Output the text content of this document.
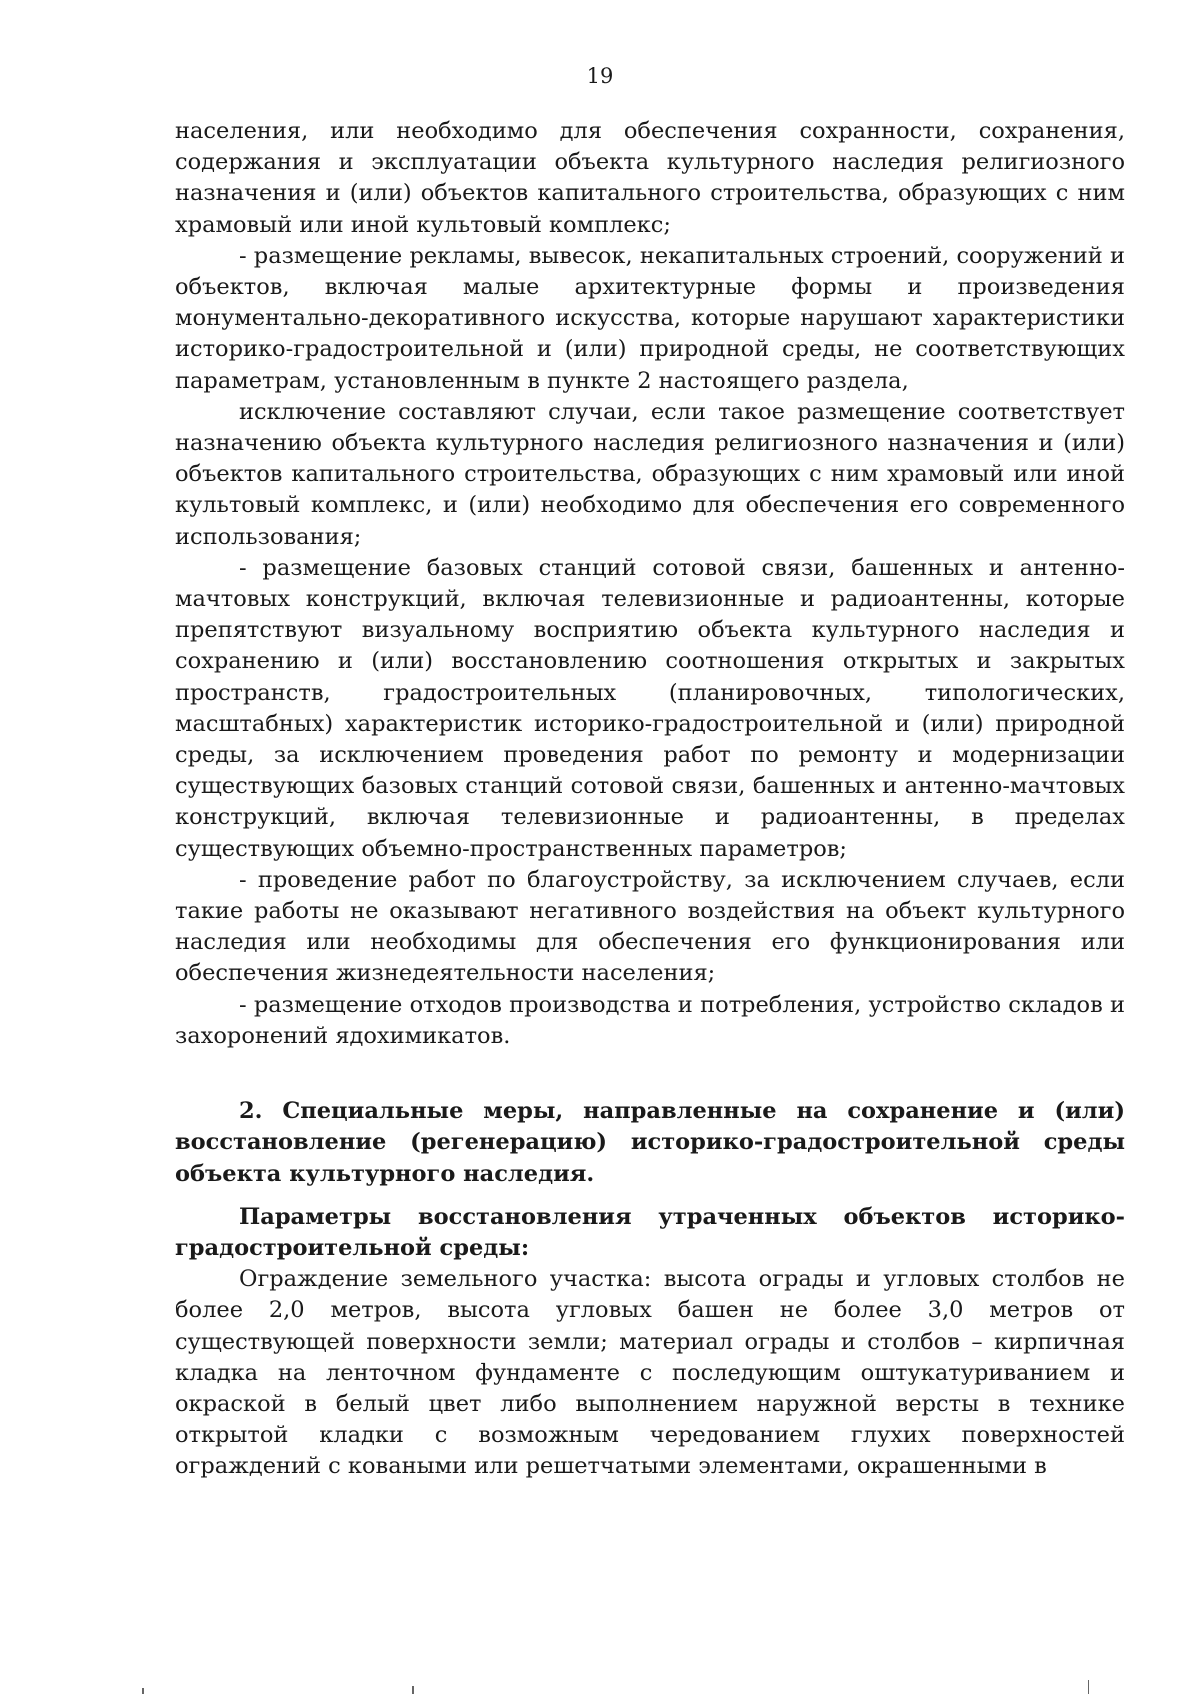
19

населения, или необходимо для обеспечения сохранности, сохранения, содержания и эксплуатации объекта культурного наследия религиозного назначения и (или) объектов капитального строительства, образующих с ним храмовый или иной культовый комплекс;

- размещение рекламы, вывесок, некапитальных строений, сооружений и объектов, включая малые архитектурные формы и произведения монументально-декоративного искусства, которые нарушают характеристики историко-градостроительной и (или) природной среды, не соответствующих параметрам, установленным в пункте 2 настоящего раздела,

исключение составляют случаи, если такое размещение соответствует назначению объекта культурного наследия религиозного назначения и (или) объектов капитального строительства, образующих с ним храмовый или иной культовый комплекс, и (или) необходимо для обеспечения его современного использования;

- размещение базовых станций сотовой связи, башенных и антенно-мачтовых конструкций, включая телевизионные и радиоантенны, которые препятствуют визуальному восприятию объекта культурного наследия и сохранению и (или) восстановлению соотношения открытых и закрытых пространств, градостроительных (планировочных, типологических, масштабных) характеристик историко-градостроительной и (или) природной среды, за исключением проведения работ по ремонту и модернизации существующих базовых станций сотовой связи, башенных и антенно-мачтовых конструкций, включая телевизионные и радиоантенны, в пределах существующих объемно-пространственных параметров;

- проведение работ по благоустройству, за исключением случаев, если такие работы не оказывают негативного воздействия на объект культурного наследия или необходимы для обеспечения его функционирования или обеспечения жизнедеятельности населения;

- размещение отходов производства и потребления, устройство складов и захоронений ядохимикатов.

2. Специальные меры, направленные на сохранение и (или) восстановление (регенерацию) историко-градостроительной среды объекта культурного наследия.

Параметры восстановления утраченных объектов историко-градостроительной среды:

Ограждение земельного участка: высота ограды и угловых столбов не более 2,0 метров, высота угловых башен не более 3,0 метров от существующей поверхности земли; материал ограды и столбов – кирпичная кладка на ленточном фундаменте с последующим оштукатуриванием и окраской в белый цвет либо выполнением наружной версты в технике открытой кладки с возможным чередованием глухих поверхностей ограждений с коваными или решетчатыми элементами, окрашенными в
